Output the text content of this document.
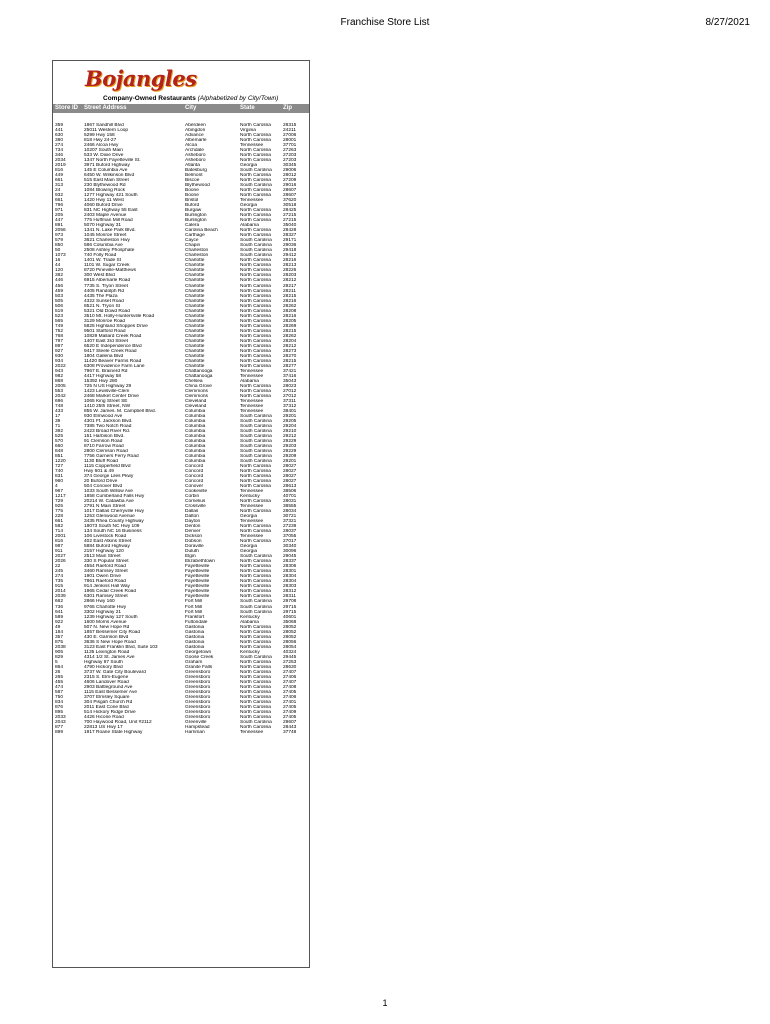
Franchise Store List	8/27/2021
Bojangles
Company-Owned Restaurants (Alphabetized by City/Town)
Store ID Street Address	City	State	Zip
359	1867 Sandhill Blvd	Aberdeen	North Carolina	28315
441	25011 Western Loop	Abingdon	Virginia	24211
630	5299 Hwy 158	Advance	North Carolina	27006
380	818 Hwy 24-27	Albemarle	North Carolina	28001
274	2466 Alcoa Hwy	Alcoa	Tennessee	37701
734	10207 South Main	Archdale	North Carolina	27263
346	533 W. Dixie Drive	Asheboro	North Carolina	27203
2034	1347 North Fayetteville St.	Asheboro	North Carolina	27203
2019	3971 Buford Highway	Atlanta	Georgia	30345
816	145 E Columbia Ave	Batesburg	South Carolina	29006
449	6450 W. Wilkinson Blvd	Belmont	North Carolina	28012
661	515 East Main Street	Biscoe	North Carolina	27209
313	230 Blythewood Rd	Blythewood	South Carolina	29016
24	1084 Blowing Rock	Boone	North Carolina	28607
932	1277 Highway 421 South	Boone	North Carolina	28607
661	1420 Hwy 11 West	Bristol	Tennessee	37620
796	4060 Buford Drive	Buford	Georgia	30518
971	831 NC Highway 55 East	Burgaw	North Carolina	28425
205	2403 Maple Avenue	Burlington	North Carolina	27215
447	775 Huffman Mill Road	Burlington	North Carolina	27215
891	5070 Highway 31	Calera	Alabama	35040
2056	1341 N. Lake Park Blvd.	Carolina Beach	North Carolina	28428
973	1045 Monroe Street	Carthage	North Carolina	28327
579	3621 Charleston Hwy	Cayce	South Carolina	29171
850	586 Columbia Ave	Chapin	South Carolina	29036
50	2508 Ashley Phosphate	Charleston	South Carolina	29418
1073	740 Folly Road	Charleston	South Carolina	29412
16	1401 W. Trade St	Charlotte	North Carolina	28216
44	1101 W. Sugar Creek	Charlotte	North Carolina	28213
120	8720 Pineville-Matthews	Charlotte	North Carolina	28226
382	300 West Blvd	Charlotte	North Carolina	28203
446	6915 Albemarle Road	Charlotte	North Carolina	28212
456	7735 S. Tryon Street	Charlotte	North Carolina	28217
459	4405 Randolph Rd	Charlotte	North Carolina	28211
503	4435 The Plaza	Charlotte	North Carolina	28215
505	4322 Sunset Road	Charlotte	North Carolina	28216
506	8521 N. Tryon St	Charlotte	North Carolina	28262
519	5321 Old Dowd Road	Charlotte	North Carolina	28208
523	3510 Mt. Holly-Huntersville Road	Charlotte	North Carolina	28216
565	3129 Monroe Road	Charlotte	North Carolina	28205
749	5825 Highland Shoppes Drive	Charlotte	North Carolina	28269
752	9501 Stafford Road	Charlotte	North Carolina	28215
768	10829 Mallard Creek Road	Charlotte	North Carolina	28262
797	1407 East 3rd Street	Charlotte	North Carolina	28204
897	6520 E Independence Blvd	Charlotte	North Carolina	28212
927	9417 Steele Creek Road	Charlotte	North Carolina	28273
930	1804 Galleria Blvd	Charlotte	North Carolina	28270
934	11420 Beaver Farms Road	Charlotte	North Carolina	28215
2022	6308 Providence Farm Lane	Charlotte	North Carolina	28277
943	7967 E. Brainerd Rd	Chattanooga	Tennessee	37421
982	4417 Highway 58	Chattanooga	Tennessee	37416
868	15392 Hwy 280	Chelsea	Alabama	35043
2005	725 N US Highway 29	China Grove	North Carolina	28023
553	1423 Lewisville-Clem	Clemmons	North Carolina	27012
2042	2468 Market Center Drive	Clemmons	North Carolina	27012
696	1065 King Street SE	Cleveland	Tennessee	37311
748	1410 25th Street, NW	Cleveland	Tennessee	37312
433	855 W. James. M. Campbell Blvd.	Columbia	Tennessee	38401
17	930 Elmwood Ave	Columbia	South Carolina	29201
39	4301 Ft. Jackson Blvd.	Columbia	South Carolina	29205
71	7385 Two Notch Road	Columbia	South Carolina	29204
392	2423 Broad River Rd.	Columbia	South Carolina	29210
525	151 Harbison Blvd.	Columbia	South Carolina	29212
570	91 Clemson Road	Columbia	South Carolina	29229
660	8710 Farrow Road	Columbia	South Carolina	29203
848	2800 Clemson Road	Columbia	South Carolina	29229
851	7756 Garners Ferry Road	Columbia	South Carolina	29209
1220	1130 Bluff Road	Columbia	South Carolina	29201
727	1115 Copperfield Blvd	Concord	North Carolina	28027
740	Hwy 601 & 49	Concord	North Carolina	28027
831	374 George Liles Pkwy	Concord	North Carolina	28027
960	20 Buford Drive	Concord	North Carolina	28027
4	504 Conover Blvd	Conover	North Carolina	28613
967	1033 South Willow Ave	Cookeville	Tennessee	38506
1217	1858 Cumberland Falls Hwy	Corbin	Kentucky	40701
729	20214 W. Catawba Ave	Cornelius	North Carolina	28031
925	2791 N Main Street	Crossville	Tennessee	38555
775	1017 Dallas Cherryville Hwy	Dallas	North Carolina	28034
228	1253 Glenwood Avenue	Dalton	Georgia	30721
661	3435 Rhea County Highway	Dayton	Tennessee	37321
582	18073 South NC Hwy 109	Denton	North Carolina	27239
714	134 South NC 16 Business	Denver	North Carolina	28037
2001	106 Livestock Road	Dickson	Tennessee	37055
816	402 East Atkins Street	Dobson	North Carolina	27017
987	5884 Buford Highway	Doraville	Georgia	30340
911	2157 Highway 120	Duluth	Georgia	30096
2027	2513 Main Street	Elgin	South Carolina	29045
2026	330 S Popular Street	Elizabethtown	North Carolina	28337
22	4554 Raeford Road	Fayetteville	North Carolina	28306
245	3460 Ramsey Street	Fayetteville	North Carolina	28301
274	1901 Owen Drive	Fayetteville	North Carolina	28304
735	7861 Raeford Road	Fayetteville	North Carolina	28304
915	914 Jenkins Hall Way	Fayetteville	North Carolina	28303
2014	1965 Cedar Creek Road	Fayetteville	North Carolina	28312
2039	6301 Ramsey Street	Fayetteville	North Carolina	28311
662	2866 Hwy 160	Fort Mill	South Carolina	29708
736	9765 Charlotte Hwy	Fort Mill	South Carolina	29715
941	3302 Highway 21	Fort Mill	South Carolina	29715
589	1239 Highway 127 South	Frankfort	Kentucky	40601
922	1600 Morris Avenue	Fultondale	Alabama	35068
49	507 N. New Hope Rd	Gastonia	North Carolina	28052
184	1857 Bessemer City Road	Gastonia	North Carolina	28052
357	430 E. Garrison Blvd	Gastonia	North Carolina	28052
875	3636 S New Hope Road	Gastonia	North Carolina	28056
2038	3123 East Franklin Blvd, Suite 103	Gastonia	North Carolina	28054
905	1135 Lexington Road	Georgetown	Kentucky	40324
829	4314 1/2 St. James Ave	Goose Creek	South Carolina	29445
5	Highway 87 South	Graham	North Carolina	27253
864	4790 Hickory Blvd	Granite Falls	North Carolina	28630
26	3737 W. Gate City Boulevard	Greensboro	North Carolina	27407
265	2315 S. Elm-Eugene	Greensboro	North Carolina	27406
455	4606 Landover Road	Greensboro	North Carolina	27407
474	2903 Battleground Ave	Greensboro	North Carolina	27408
587	1115 East Bessemer Ave	Greensboro	North Carolina	27405
750	3707 Elmsley Square	Greensboro	North Carolina	27406
834	304 Pisgah Church Rd	Greensboro	North Carolina	27401
876	2011 East Cone Blvd	Greensboro	North Carolina	27405
895	514 Hickory Ridge Drive	Greensboro	North Carolina	27409
2033	4426 Hicone Road	Greensboro	North Carolina	27405
2043	700 Haywood Road, Unit #2112	Greenville	South Carolina	29607
877	22813 US Hwy 17	Hampstead	North Carolina	28443
899	1917 Roane State Highway	Harriman	Tennessee	37748
1
